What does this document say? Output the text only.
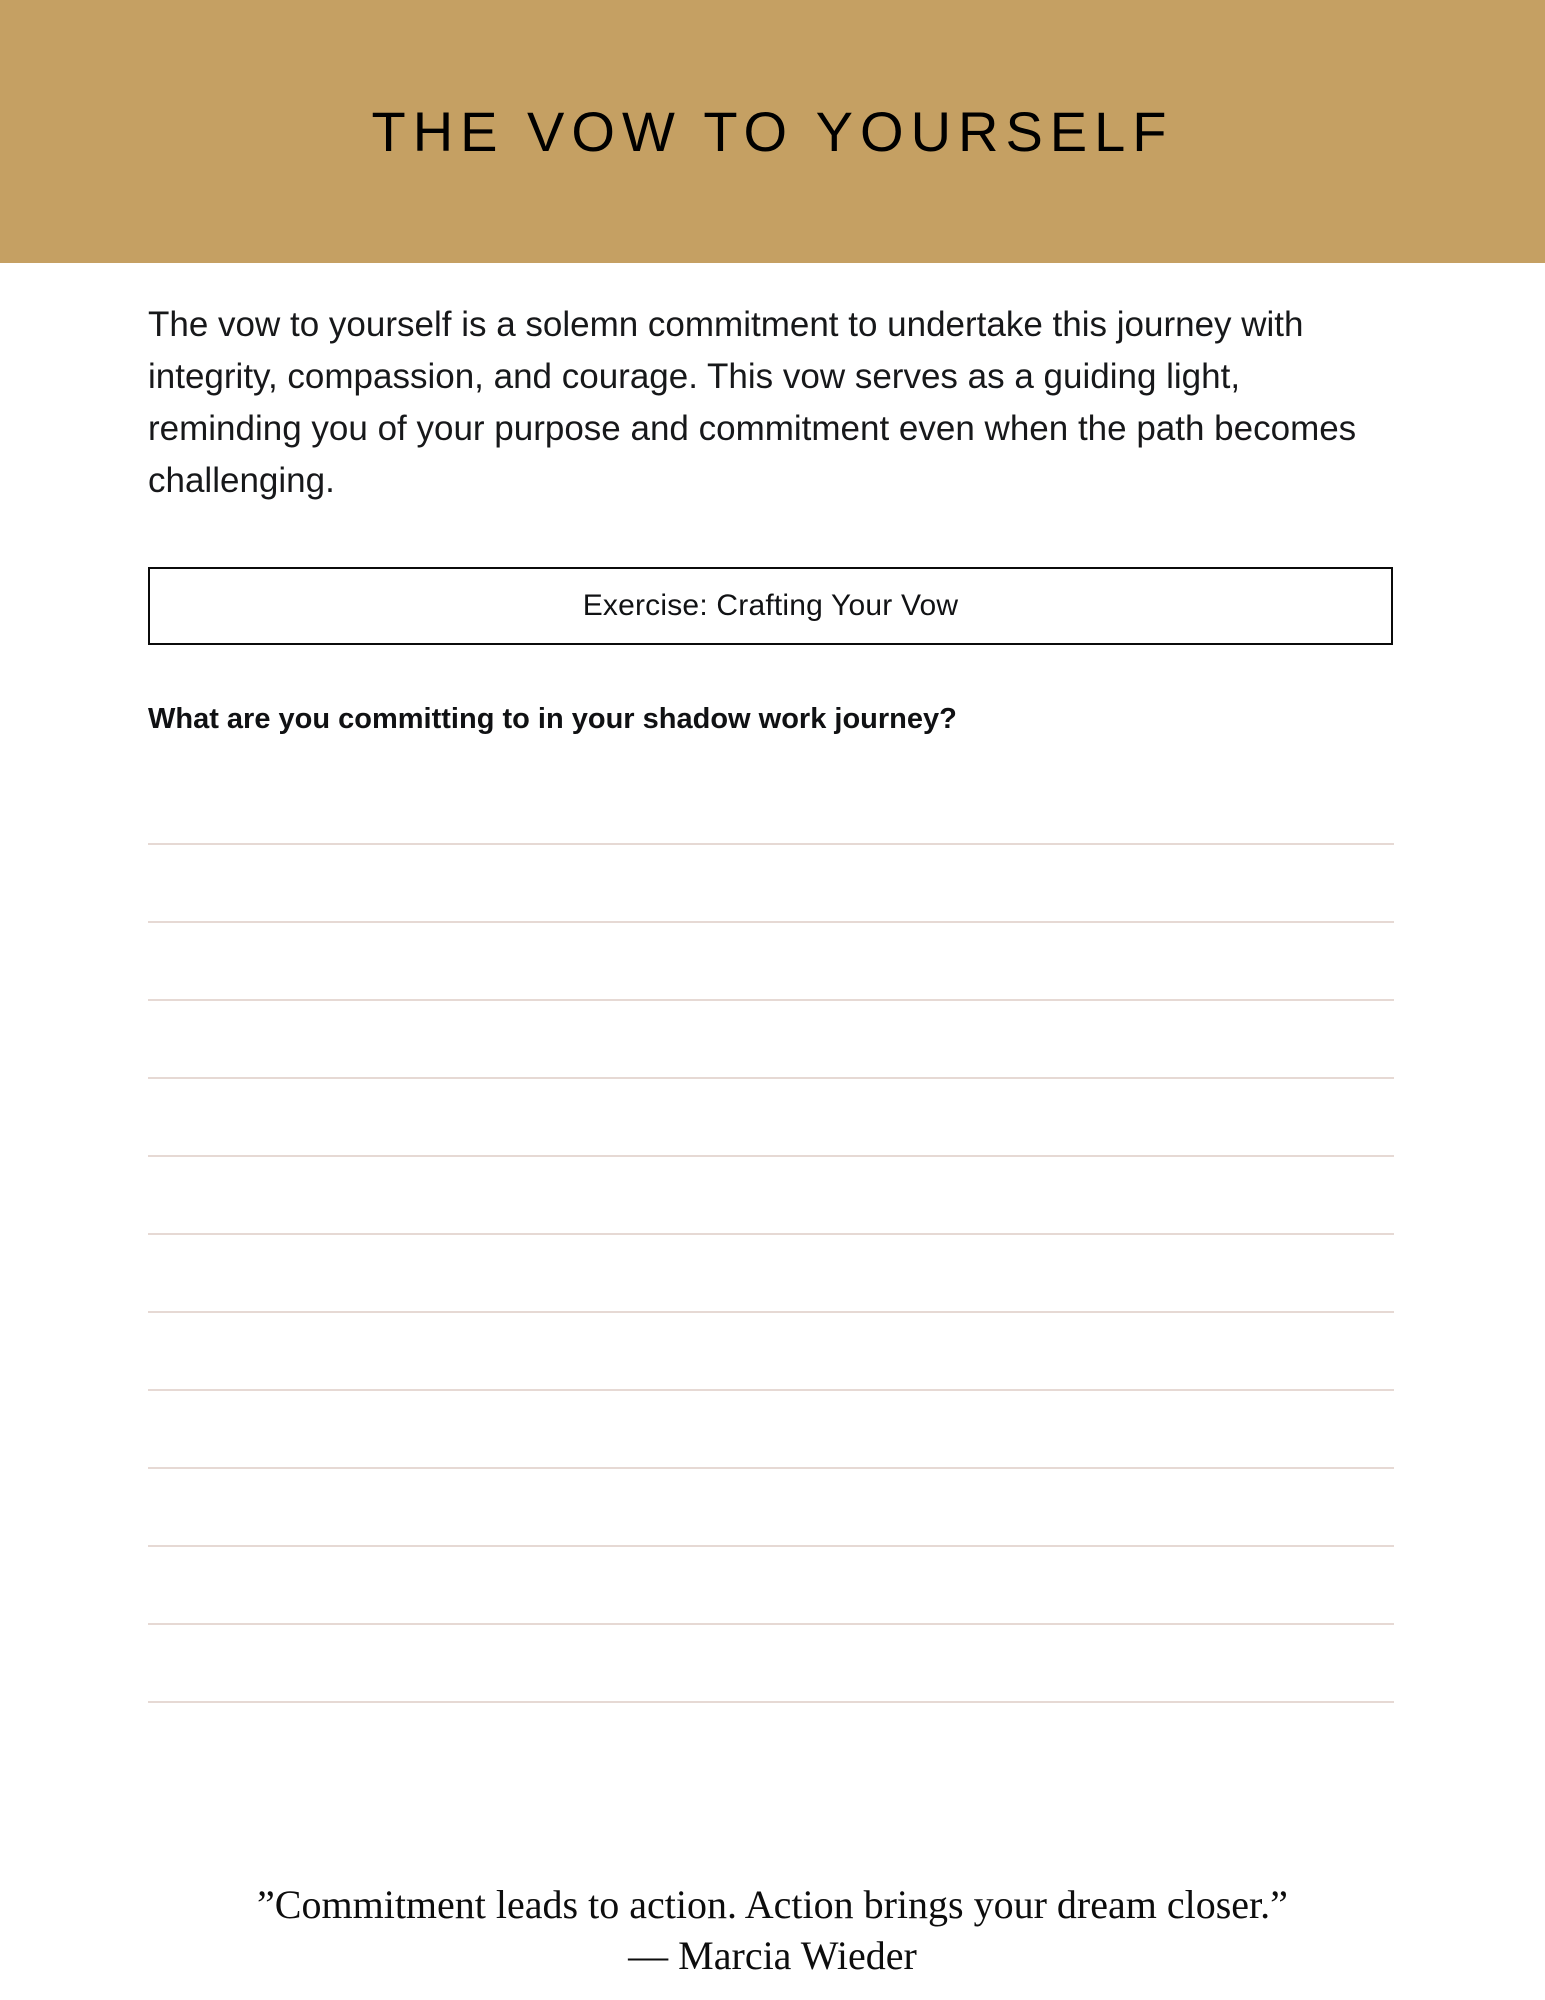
THE VOW TO YOURSELF

The vow to yourself is a solemn commitment to undertake this journey with integrity, compassion, and courage. This vow serves as a guiding light, reminding you of your purpose and commitment even when the path becomes challenging.

Exercise: Crafting Your Vow

What are you committing to in your shadow work journey?

”Commitment leads to action. Action brings your dream closer.”
— Marcia Wieder
